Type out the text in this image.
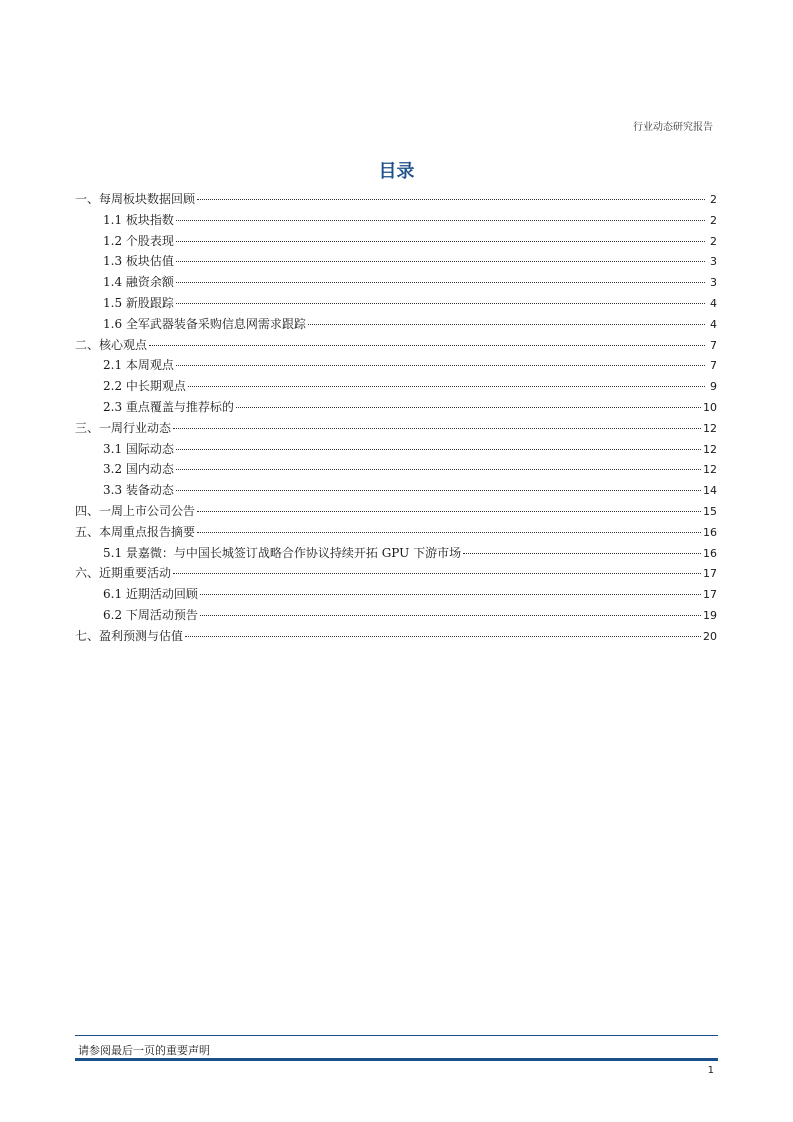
行业动态研究报告
目录
一、每周板块数据回顾	2
1.1 板块指数	2
1.2 个股表现	2
1.3 板块估值	3
1.4 融资余额	3
1.5 新股跟踪	4
1.6 全军武器装备采购信息网需求跟踪	4
二、核心观点	7
2.1 本周观点	7
2.2 中长期观点	9
2.3 重点覆盖与推荐标的	10
三、一周行业动态	12
3.1 国际动态	12
3.2 国内动态	12
3.3 装备动态	14
四、一周上市公司公告	15
五、本周重点报告摘要	16
5.1 景嘉微：与中国长城签订战略合作协议持续开拓 GPU 下游市场	16
六、近期重要活动	17
6.1 近期活动回顾	17
6.2 下周活动预告	19
七、盈利预测与估值	20
请参阅最后一页的重要声明
1
